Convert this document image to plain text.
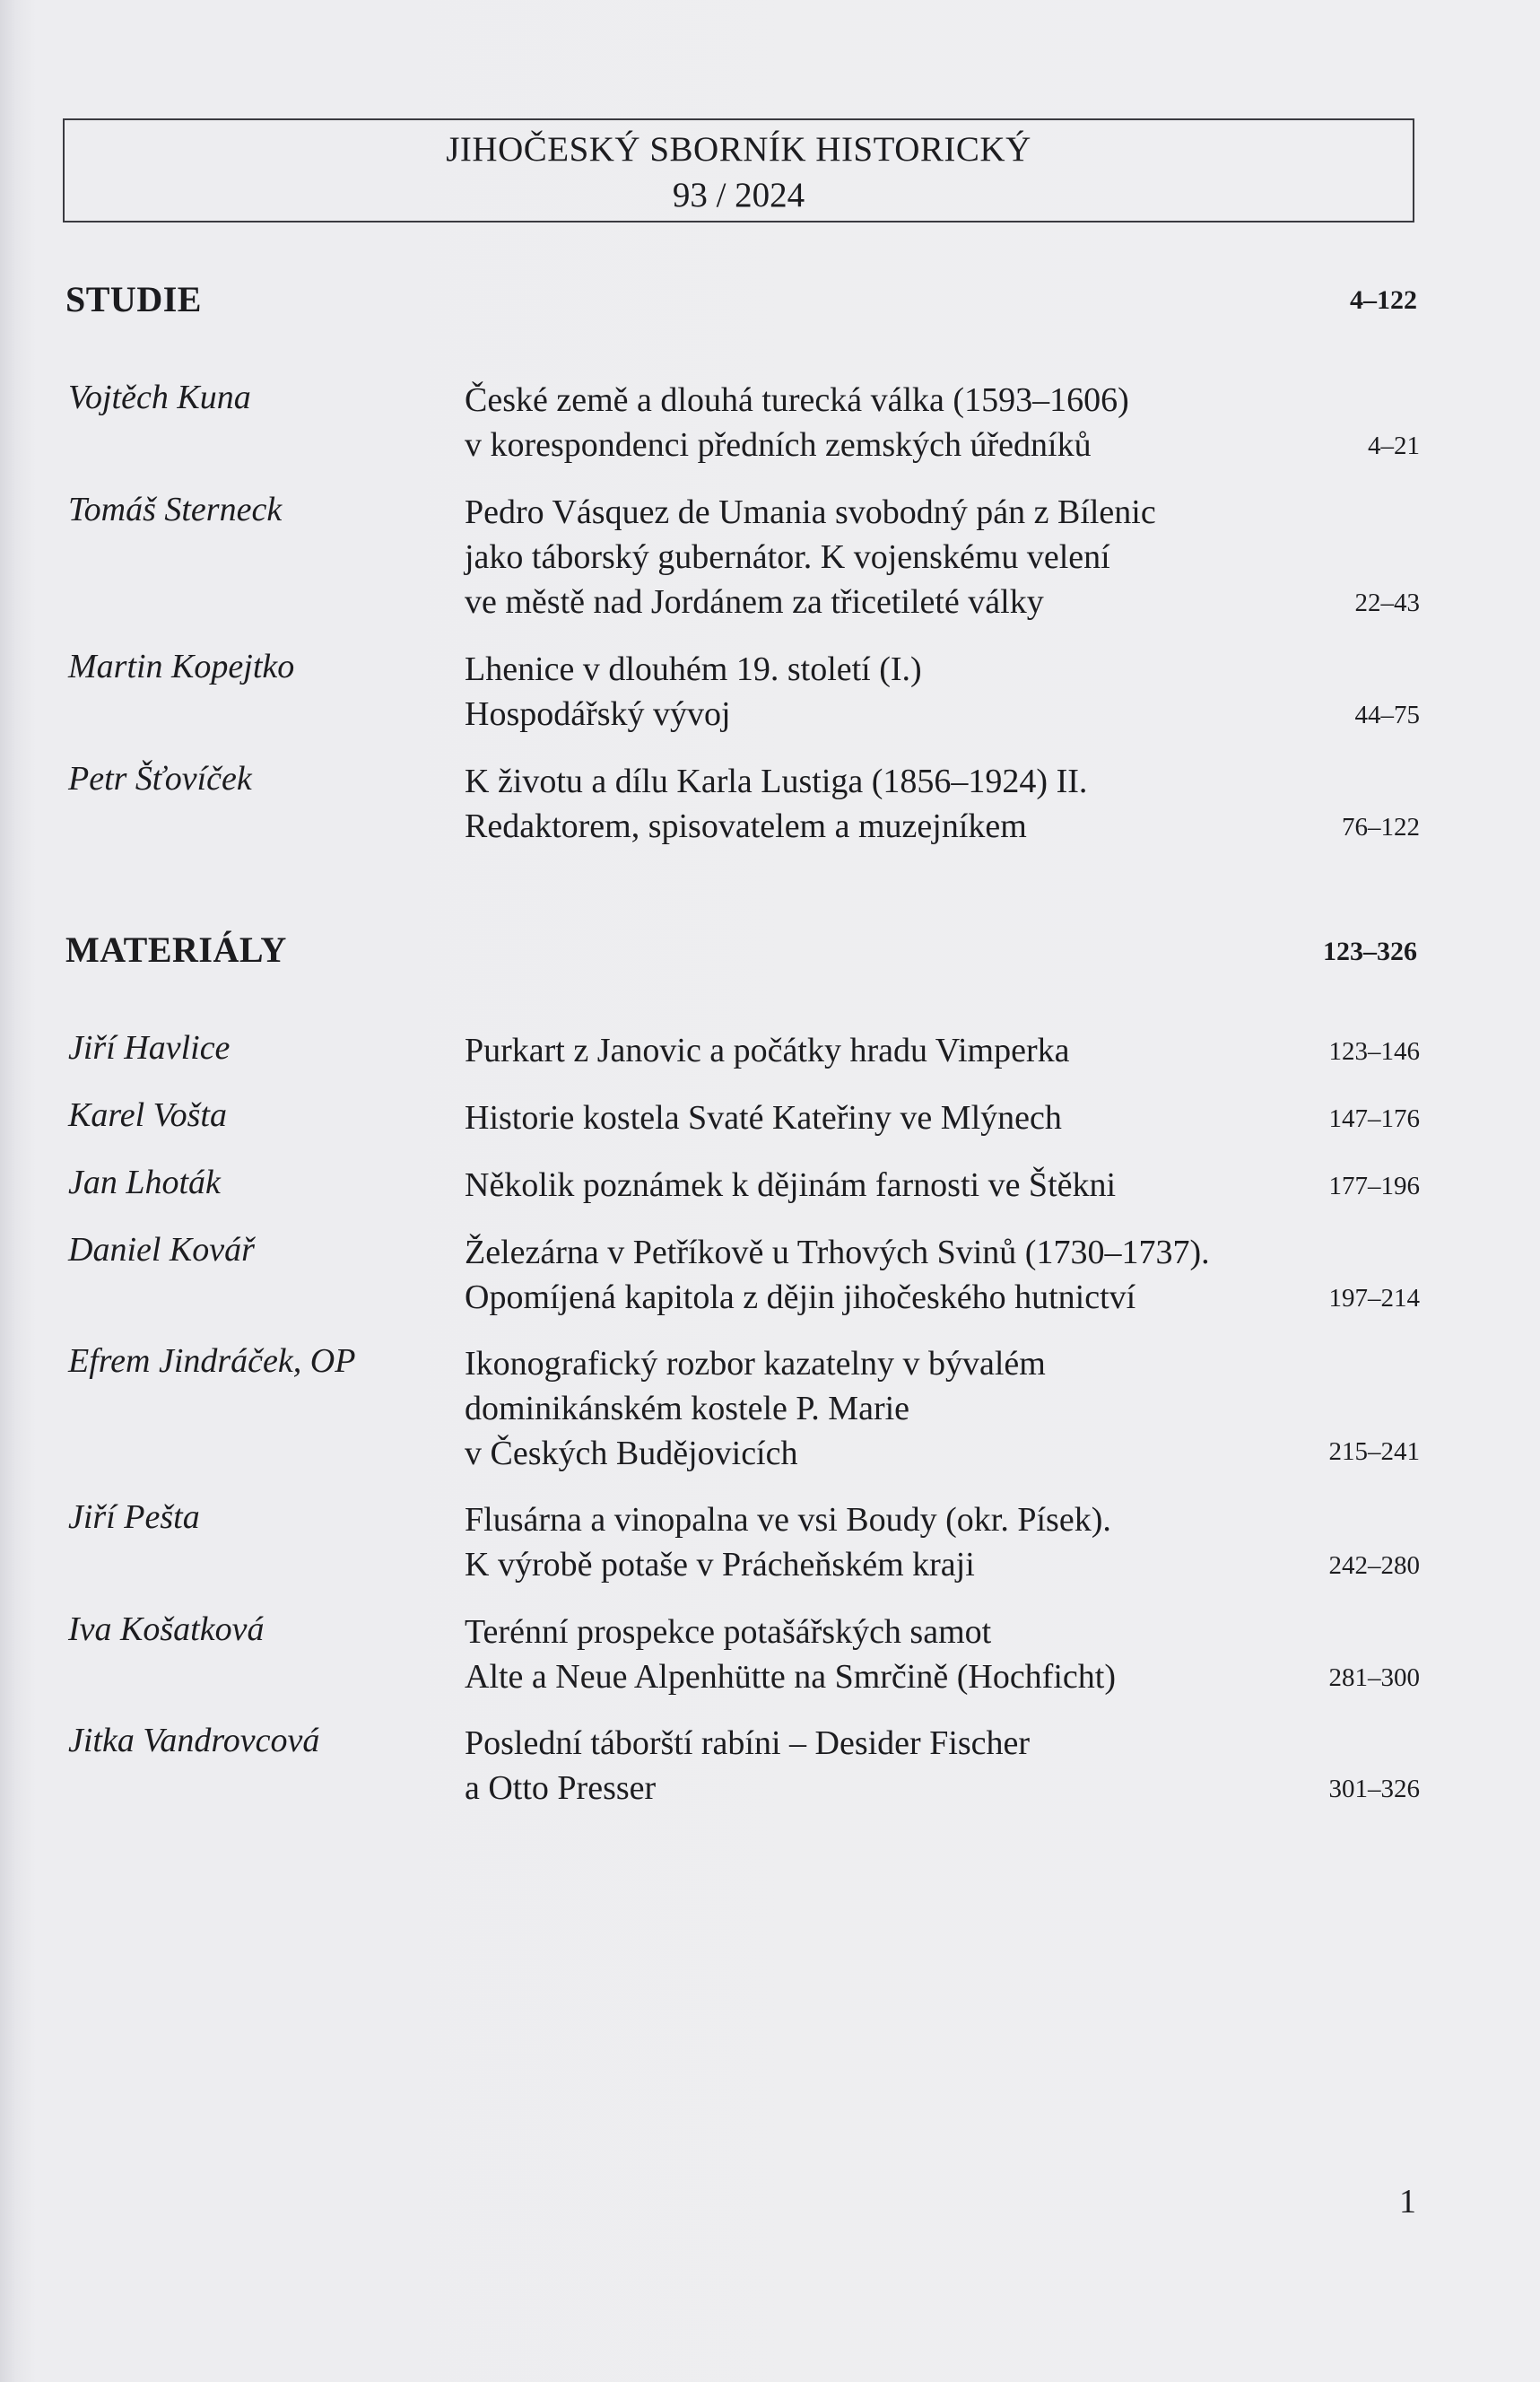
JIHOČESKÝ SBORNÍK HISTORICKÝ
93 / 2024
STUDIE	4–122
Vojtěch Kuna	České země a dlouhá turecká válka (1593–1606)
v korespondenci předních zemských úředníků	4–21
Tomáš Sterneck	Pedro Vásquez de Umania svobodný pán z Bílenic
jako táborský gubernátor. K vojenskému velení
ve městě nad Jordánem za třicetileté války	22–43
Martin Kopejtko	Lhenice v dlouhém 19. století (I.)
Hospodářský vývoj	44–75
Petr Šťovíček	K životu a dílu Karla Lustiga (1856–1924) II.
Redaktorem, spisovatelem a muzejníkem	76–122
MATERIÁLY	123–326
Jiří Havlice	Purkart z Janovic a počátky hradu Vimperka	123–146
Karel Vošta	Historie kostela Svaté Kateřiny ve Mlýnech	147–176
Jan Lhoták	Několik poznámek k dějinám farnosti ve Štěkni	177–196
Daniel Kovář	Železárna v Petříkově u Trhových Svinů (1730–1737).
Opomíjená kapitola z dějin jihočeského hutnictví	197–214
Efrem Jindráček, OP	Ikonografický rozbor kazatelny v bývalém
dominikánském kostele P. Marie
v Českých Budějovicích	215–241
Jiří Pešta	Flusárna a vinopalna ve vsi Boudy (okr. Písek).
K výrobě potaše v Prácheňském kraji	242–280
Iva Košatková	Terénní prospekce potašářských samot
Alte a Neue Alpenhütte na Smrčině (Hochficht)	281–300
Jitka Vandrovcová	Poslední táborští rabíni – Desider Fischer
a Otto Presser	301–326
1
